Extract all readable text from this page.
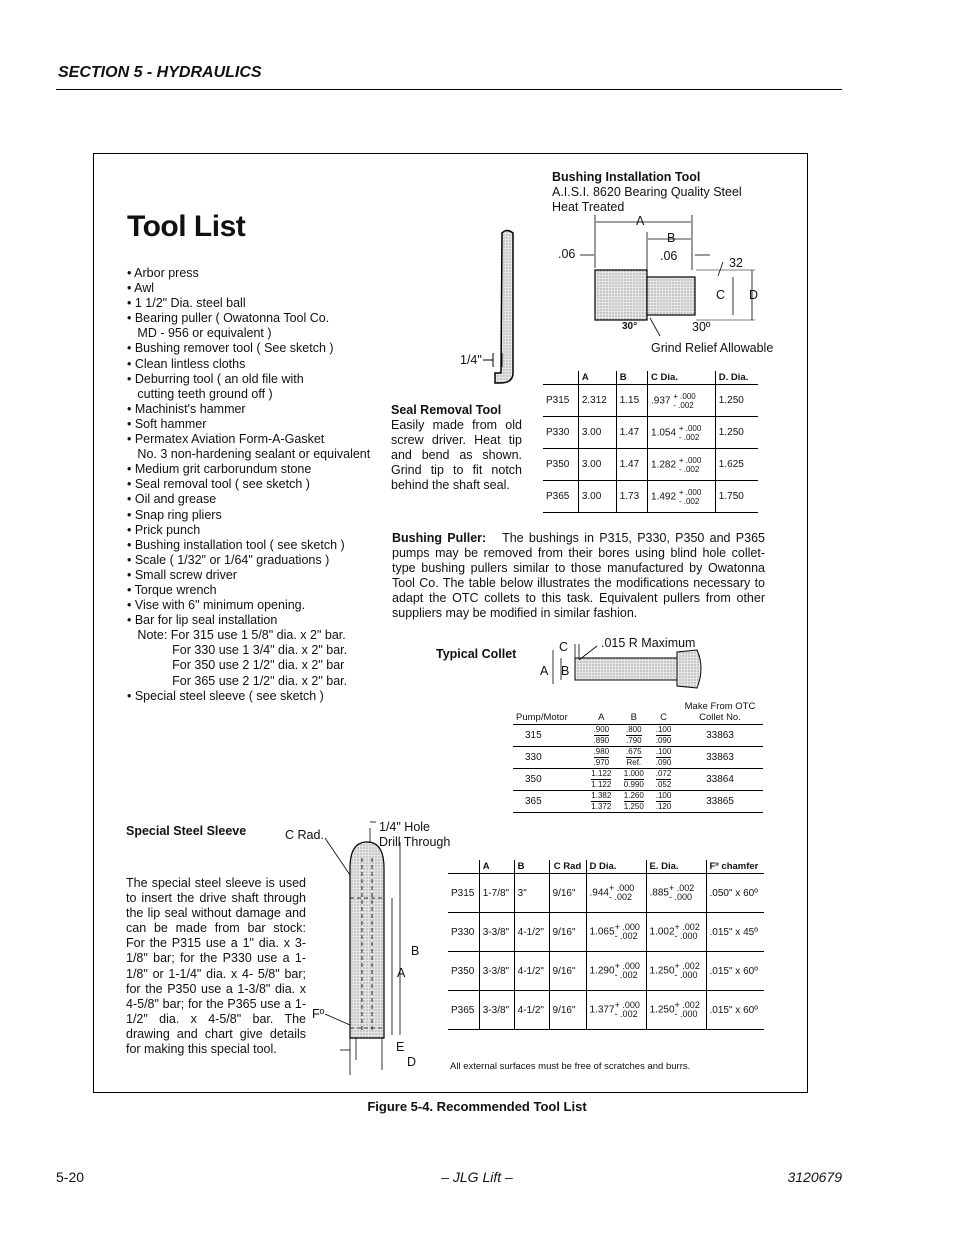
SECTION 5 - HYDRAULICS
Tool List
• Arbor press
• Awl
• 1 1/2" Dia. steel ball
• Bearing puller ( Owatonna Tool Co.
MD - 956 or equivalent )
• Bushing remover tool ( See sketch )
• Clean lintless cloths
• Deburring tool ( an old file with
cutting teeth ground off )
• Machinist's hammer
• Soft hammer
• Permatex Aviation Form-A-Gasket
No. 3 non-hardening sealant or equivalent
• Medium grit carborundum stone
• Seal removal tool ( see sketch )
• Oil and grease
• Snap ring pliers
• Prick punch
• Bushing installation tool ( see sketch )
• Scale ( 1/32" or 1/64" graduations )
• Small screw driver
• Torque wrench
• Vise with 6" minimum opening.
• Bar for lip seal installation
Note: For 315 use 1 5/8" dia. x 2" bar.
For 330 use 1 3/4" dia. x 2" bar.
For 350 use 2 1/2" dia. x 2" bar
For 365 use 2 1/2" dia. x 2" bar.
• Special steel sleeve ( see sketch )
1/4"
Seal Removal Tool
Easily made from old screw driver. Heat tip and bend as shown. Grind tip to fit notch behind the shaft seal.
Bushing Installation Tool
A.I.S.I. 8620 Bearing Quality Steel
Heat Treated
A
B
.06	.06	32
C D
30°	30º
Grind Relief Allowable
	A	B	C Dia.	D. Dia.
P315	2.312	1.15	.937 + .000
- .002	1.250
P330	3.00	1.47	1.054 + .000
- .002	1.250
P350	3.00	1.47	1.282 + .000
- .002	1.625
P365	3.00	1.73	1.492 + .000
- .002	1.750
Bushing Puller: The bushings in P315, P330, P350 and P365 pumps may be removed from their bores using blind hole collet-type bushing pullers similar to those manufactured by Owatonna Tool Co. The table below illustrates the modifications necessary to adapt the OTC collets to this task. Equivalent pullers from other suppliers may be modified in similar fashion.
Typical Collet	C	.015 R Maximum
A B
Pump/Motor	A	B	C	Make From OTC Collet No.
315	$\frac{.900}{.890}$	$\frac{.800}{.790}$	$\frac{.100}{.090}$	33863
330	$\frac{.980}{.970}$	$\frac{.675}{\text{Ref.}}$	$\frac{.100}{.090}$	33863
350	$\frac{1.122}{1.122}$	$\frac{1.000}{0.990}$	$\frac{.072}{.052}$	33864
365	$\frac{1.382}{1.372}$	$\frac{1.260}{1.250}$	$\frac{.100}{.120}$	33865
Special Steel Sleeve
The special steel sleeve is used to insert the drive shaft through the lip seal without damage and can be made from bar stock: For the P315 use a 1" dia. x 3-1/8" bar; for the P330 use a 1-1/8" or 1-1/4" dia. x 4- 5/8" bar; for the P350 use a 1-3/8" dia. x 4-5/8" bar; for the P365 use a 1-1/2" dia. x 4-5/8" bar. The drawing and chart give details for making this special tool.
C Rad.
1/4" Hole
Drill Through
B
A
Fº
E
D
	A	B	C Rad	D Dia.	E. Dia.	Fº chamfer
P315	1-7/8"	3"	9/16"	.944 + .000
- .002	.885 + .002
- .000	.050" x 60º
P330	3-3/8"	4-1/2"	9/16"	1.065 + .000
- .002	1.002 + .002
- .000	.015" x 45º
P350	3-3/8"	4-1/2"	9/16"	1.290 + .000
- .002	1.250 + .002
- .000	.015" x 60º
P365	3-3/8"	4-1/2"	9/16"	1.377 + .000
- .002	1.250 + .002
- .000	.015" x 60º
All external surfaces must be free of scratches and burrs.
Figure 5-4. Recommended Tool List
5-20	– JLG Lift –	3120679
